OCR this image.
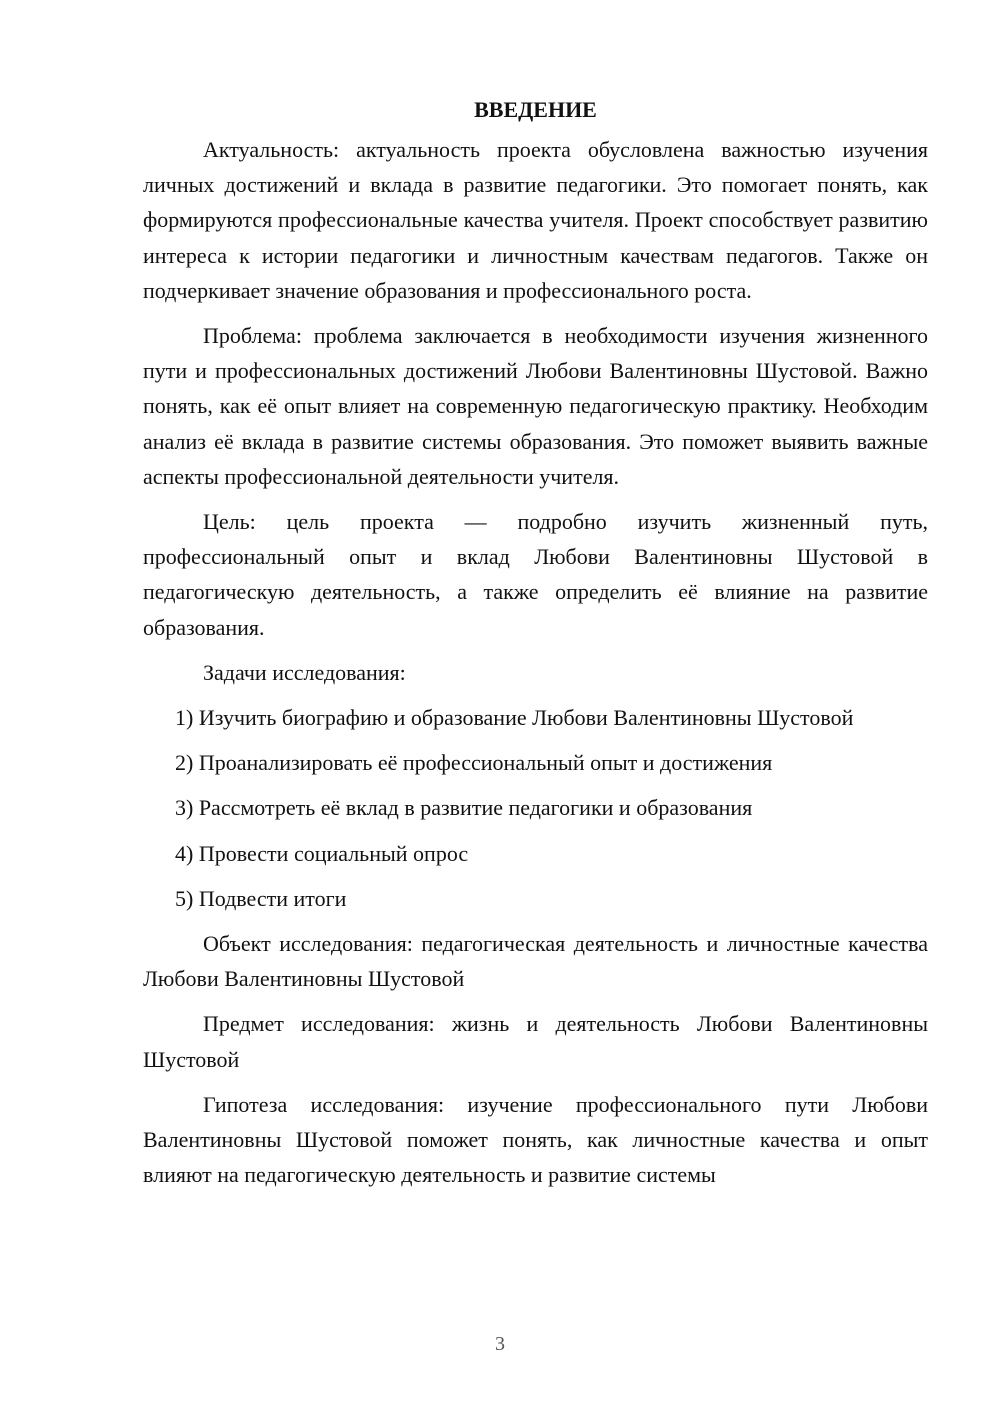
ВВЕДЕНИЕ

Актуальность: актуальность проекта обусловлена важностью изучения личных достижений и вклада в развитие педагогики. Это помогает понять, как формируются профессиональные качества учителя. Проект способствует развитию интереса к истории педагогики и личностным качествам педагогов. Также он подчеркивает значение образования и профессионального роста.

Проблема: проблема заключается в необходимости изучения жизненного пути и профессиональных достижений Любови Валентиновны Шустовой. Важно понять, как её опыт влияет на современную педагогическую практику. Необходим анализ её вклада в развитие системы образования. Это поможет выявить важные аспекты профессиональной деятельности учителя.

Цель: цель проекта — подробно изучить жизненный путь, профессиональный опыт и вклад Любови Валентиновны Шустовой в педагогическую деятельность, а также определить её влияние на развитие образования.

Задачи исследования:

1) Изучить биографию и образование Любови Валентиновны Шустовой

2) Проанализировать её профессиональный опыт и достижения

3) Рассмотреть её вклад в развитие педагогики и образования

4) Провести социальный опрос

5) Подвести итоги

Объект исследования: педагогическая деятельность и личностные качества Любови Валентиновны Шустовой

Предмет исследования: жизнь и деятельность Любови Валентиновны Шустовой

Гипотеза исследования: изучение профессионального пути Любови Валентиновны Шустовой поможет понять, как личностные качества и опыт влияют на педагогическую деятельность и развитие системы

3
